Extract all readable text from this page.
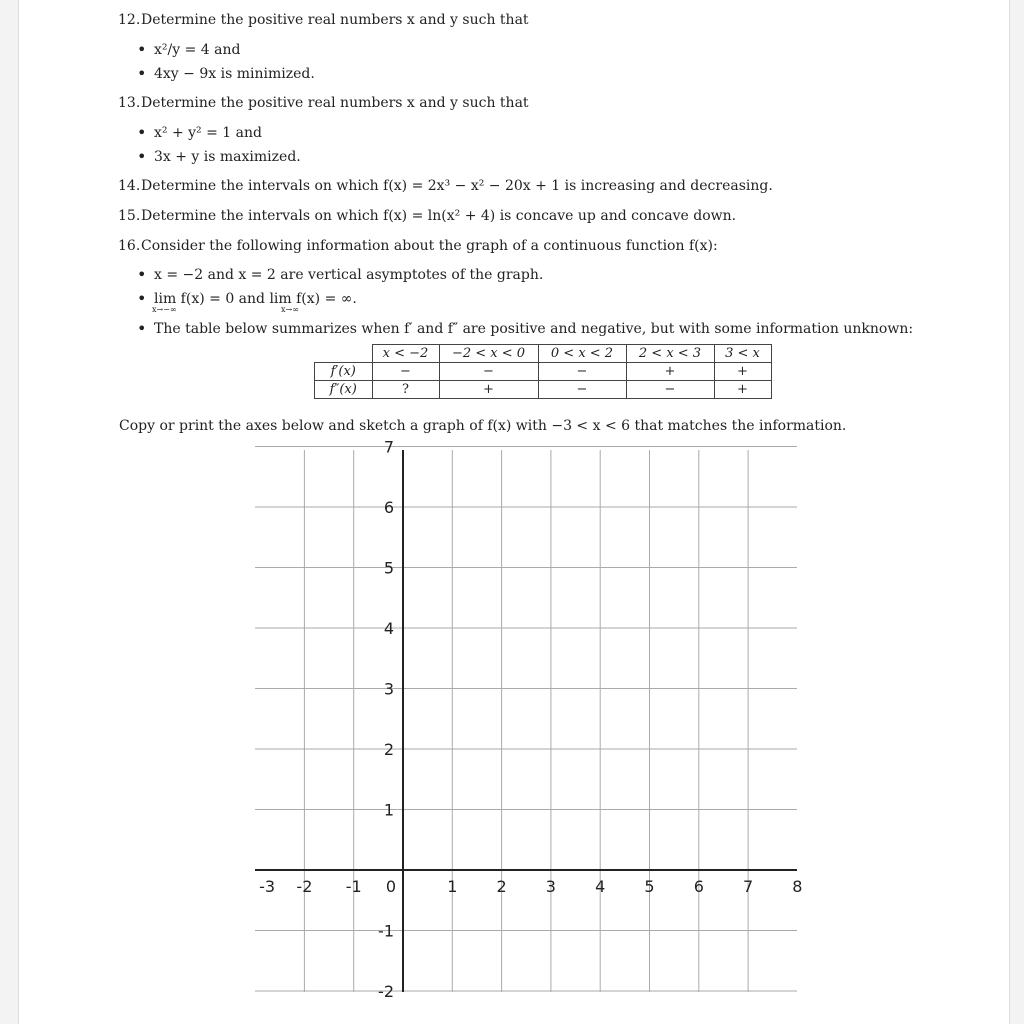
12. Determine the positive real numbers x and y such that
• x²/y = 4 and
• 4xy − 9x is minimized.
13. Determine the positive real numbers x and y such that
• x² + y² = 1 and
• 3x + y is maximized.
14. Determine the intervals on which f(x) = 2x³ − x² − 20x + 1 is increasing and decreasing.
15. Determine the intervals on which f(x) = ln(x² + 4) is concave up and concave down.
16. Consider the following information about the graph of a continuous function f(x):
• x = −2 and x = 2 are vertical asymptotes of the graph.
• lim f(x) = 0 and lim f(x) = ∞.
x→−∞	x→∞
• The table below summarizes when f′ and f″ are positive and negative, but with some information unknown:
	x < −2	−2 < x < 0	0 < x < 2	2 < x < 3	3 < x
f′(x)	−	−	−	+	+
f″(x)	?	+	−	−	+
Copy or print the axes below and sketch a graph of f(x) with −3 < x < 6 that matches the information.
-3 -2 -1 0	1 2 3 4 5 6 7 8
7
6
5
4
3
2
1
-1
-2
